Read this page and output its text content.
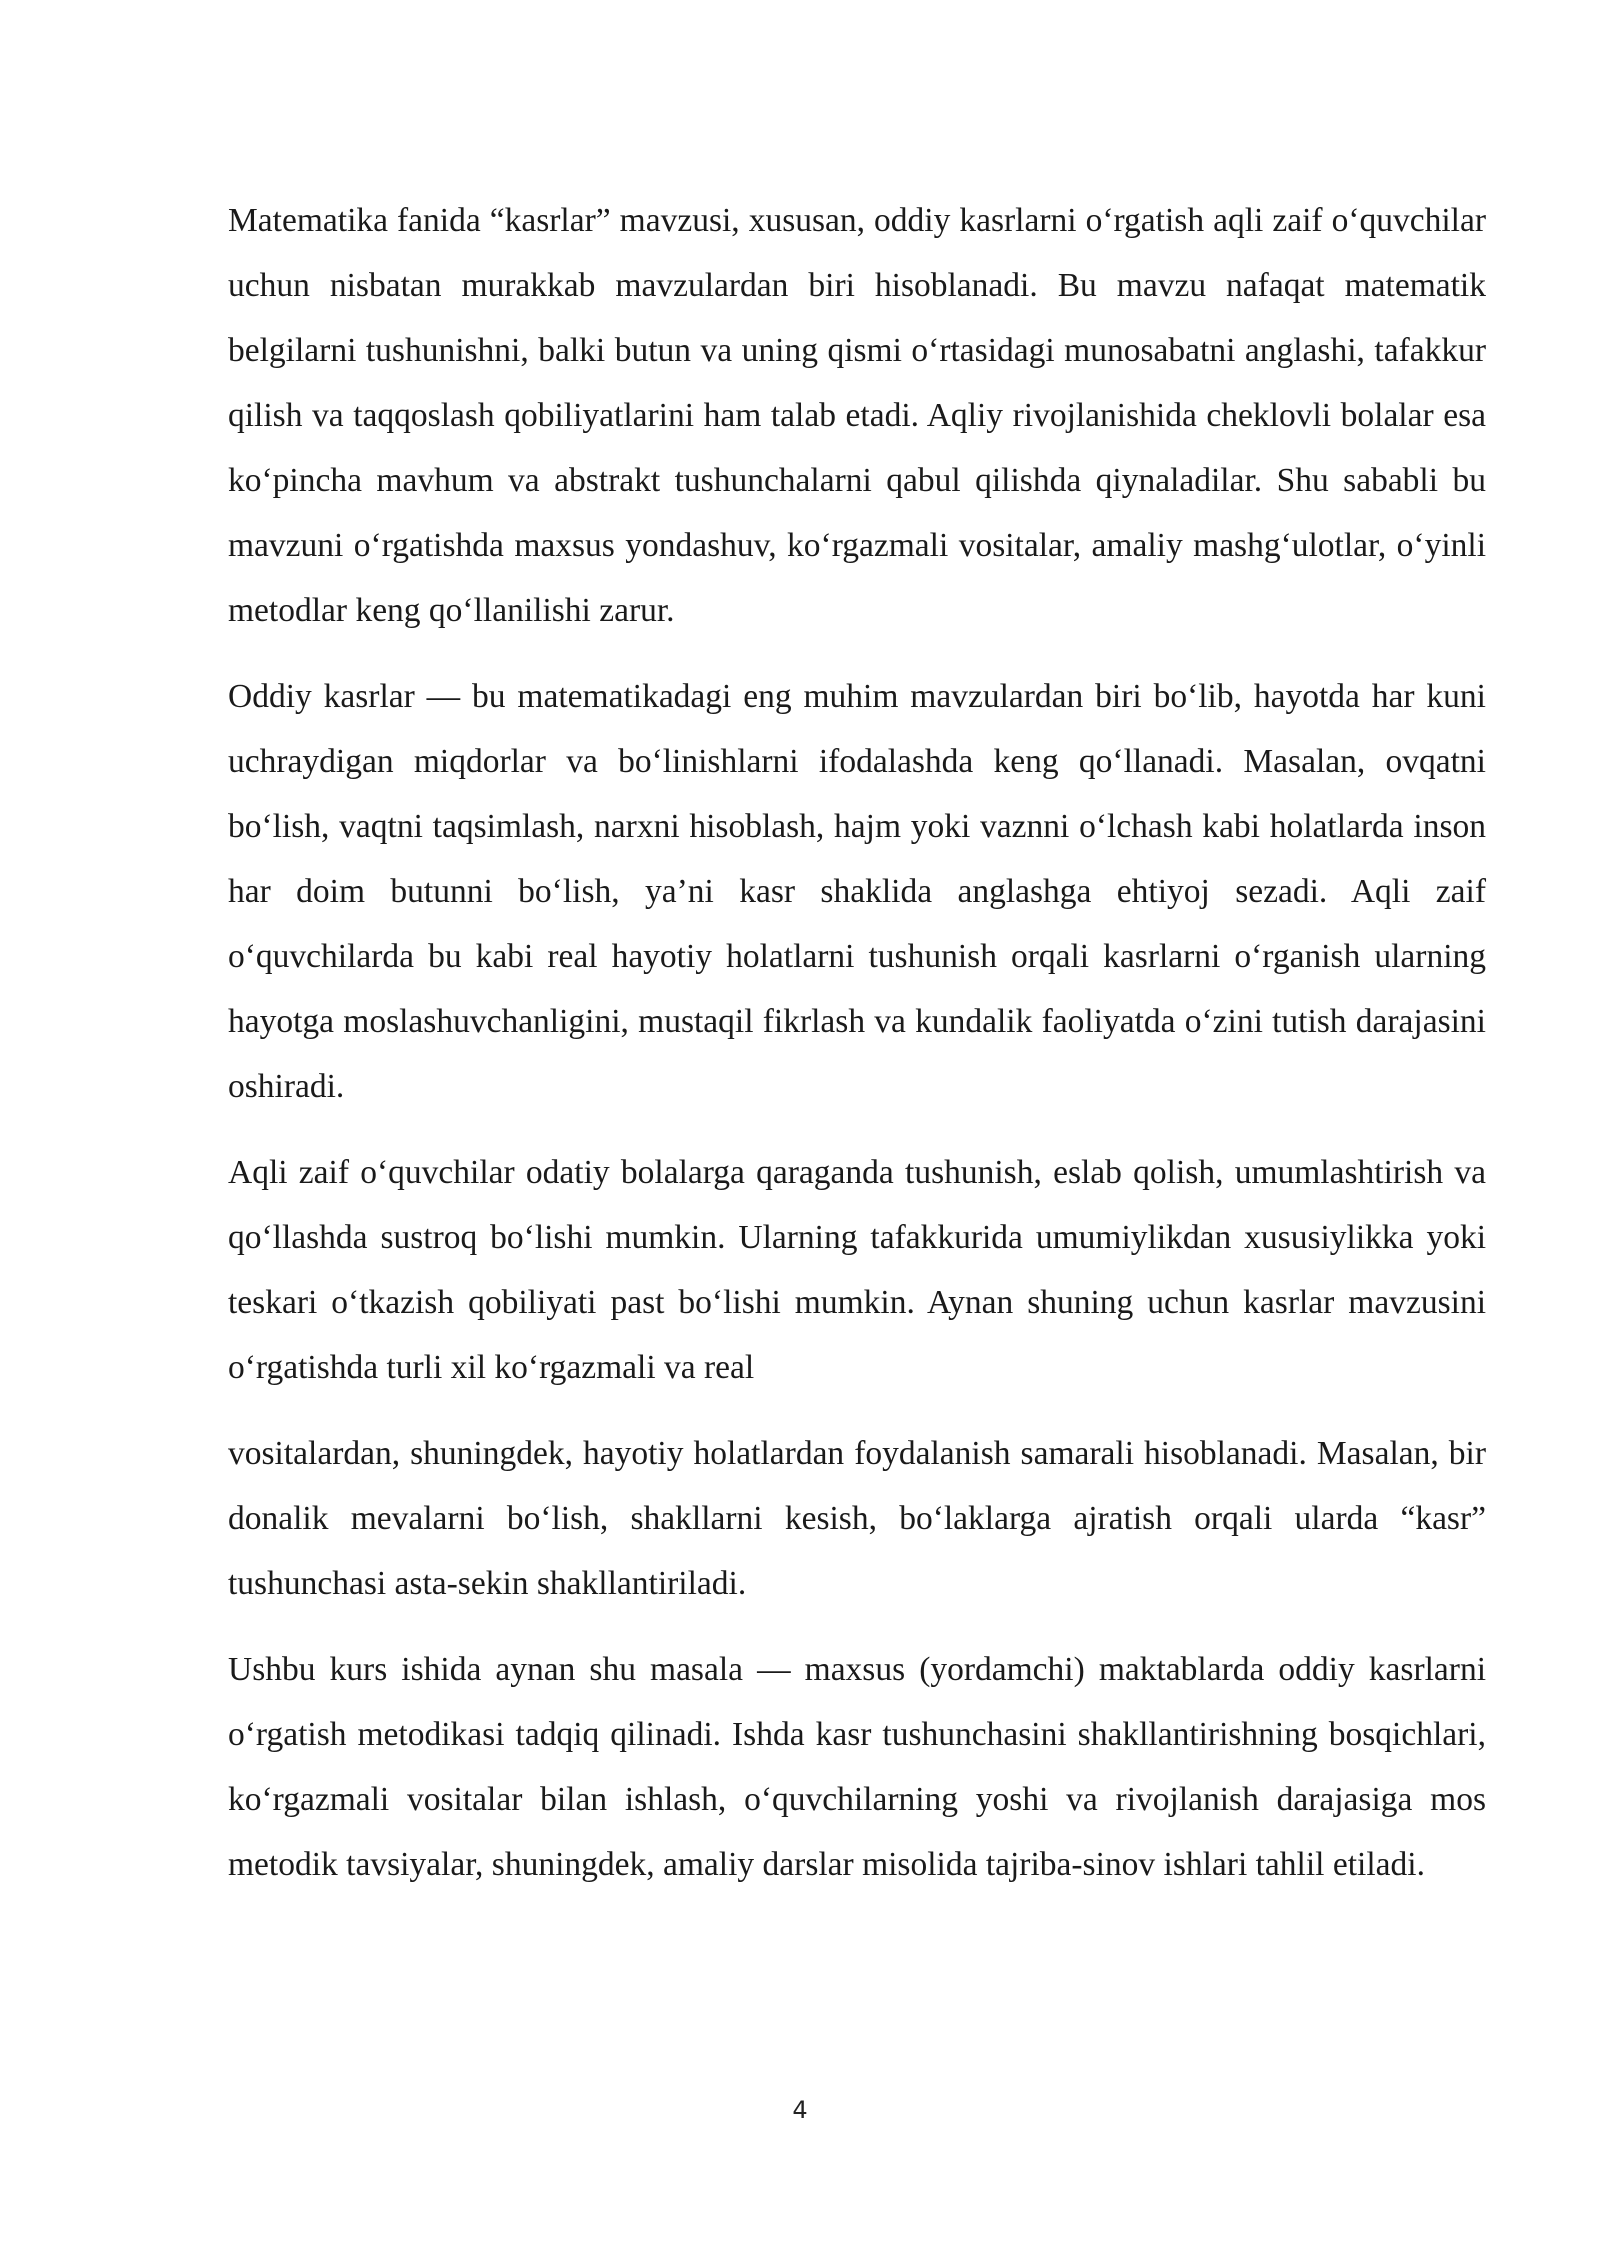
Matematika fanida “kasrlar” mavzusi, xususan, oddiy kasrlarni o‘rgatish aqli zaif o‘quvchilar uchun nisbatan murakkab mavzulardan biri hisoblanadi. Bu mavzu nafaqat matematik belgilarni tushunishni, balki butun va uning qismi o‘rtasidagi munosabatni anglashi, tafakkur qilish va taqqoslash qobiliyatlarini ham talab etadi. Aqliy rivojlanishida cheklovli bolalar esa ko‘pincha mavhum va abstrakt tushunchalarni qabul qilishda qiynaladilar. Shu sababli bu mavzuni o‘rgatishda maxsus yondashuv, ko‘rgazmali vositalar, amaliy mashg‘ulotlar, o‘yinli metodlar keng qo‘llanilishi zarur.

Oddiy kasrlar — bu matematikadagi eng muhim mavzulardan biri bo‘lib, hayotda har kuni uchraydigan miqdorlar va bo‘linishlarni ifodalashda keng qo‘llanadi. Masalan, ovqatni bo‘lish, vaqtni taqsimlash, narxni hisoblash, hajm yoki vaznni o‘lchash kabi holatlarda inson har doim butunni bo‘lish, ya’ni kasr shaklida anglashga ehtiyoj sezadi. Aqli zaif o‘quvchilarda bu kabi real hayotiy holatlarni tushunish orqali kasrlarni o‘rganish ularning hayotga moslashuvchanligini, mustaqil fikrlash va kundalik faoliyatda o‘zini tutish darajasini oshiradi.

Aqli zaif o‘quvchilar odatiy bolalarga qaraganda tushunish, eslab qolish, umumlashtirish va qo‘llashda sustroq bo‘lishi mumkin. Ularning tafakkurida umumiylikdan xususiylikka yoki teskari o‘tkazish qobiliyati past bo‘lishi mumkin. Aynan shuning uchun kasrlar mavzusini o‘rgatishda turli xil ko‘rgazmali va real

vositalardan, shuningdek, hayotiy holatlardan foydalanish samarali hisoblanadi. Masalan, bir donalik mevalarni bo‘lish, shakllarni kesish, bo‘laklarga ajratish orqali ularda “kasr” tushunchasi asta-sekin shakllantiriladi.

Ushbu kurs ishida aynan shu masala — maxsus (yordamchi) maktablarda oddiy kasrlarni o‘rgatish metodikasi tadqiq qilinadi. Ishda kasr tushunchasini shakllantirishning bosqichlari, ko‘rgazmali vositalar bilan ishlash, o‘quvchilarning yoshi va rivojlanish darajasiga mos metodik tavsiyalar, shuningdek, amaliy darslar misolida tajriba-sinov ishlari tahlil etiladi.

4
